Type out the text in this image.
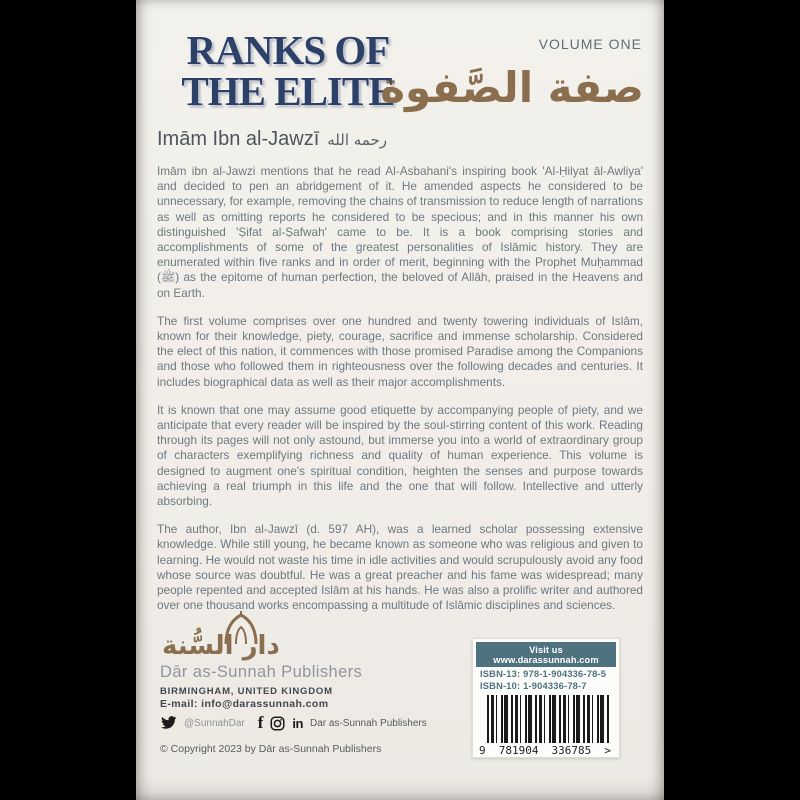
RANKS OF
THE ELITE
VOLUME ONE
صفة الصَّفوة
Imām Ibn al-Jawzī رحمه الله

Imām ibn al-Jawzi mentions that he read Al-Asbahani's inspiring book 'Al-Ḥilyat āl-Awliya' and decided to pen an abridgement of it. He amended aspects he considered to be unnecessary, for example, removing the chains of transmission to reduce length of narrations as well as omitting reports he considered to be specious; and in this manner his own distinguished 'Ṣifat al-Ṣafwah' came to be. It is a book comprising stories and accomplishments of some of the greatest personalities of Islāmic history. They are enumerated within five ranks and in order of merit, beginning with the Prophet Muḥammad (ﷺ) as the epitome of human perfection, the beloved of Allāh, praised in the Heavens and on Earth.

The first volume comprises over one hundred and twenty towering individuals of Islām, known for their knowledge, piety, courage, sacrifice and immense scholarship. Considered the elect of this nation, it commences with those promised Paradise among the Companions and those who followed them in righteousness over the following decades and centuries. It includes biographical data as well as their major accomplishments.

It is known that one may assume good etiquette by accompanying people of piety, and we anticipate that every reader will be inspired by the soul-stirring content of this work. Reading through its pages will not only astound, but immerse you into a world of extraordinary group of characters exemplifying richness and quality of human experience. This volume is designed to augment one's spiritual condition, heighten the senses and purpose towards achieving a real triumph in this life and the one that will follow. Intellective and utterly absorbing.

The author, Ibn al-Jawzī (d. 597 AH), was a learned scholar possessing extensive knowledge. While still young, he became known as someone who was religious and given to learning. He would not waste his time in idle activities and would scrupulously avoid any food whose source was doubtful. He was a great preacher and his fame was widespread; many people repented and accepted Islām at his hands. He was also a prolific writer and authored over one thousand works encompassing a multitude of Islāmic disciplines and sciences.

دار السُّنة
Dār as-Sunnah Publishers
BIRMINGHAM, UNITED KINGDOM
E-mail: info@darassunnah.com
@SunnahDar f in Dar as-Sunnah Publishers
© Copyright 2023 by Dār as-Sunnah Publishers
Visit us www.darassunnah.com
ISBN-13: 978-1-904336-78-5
ISBN-10: 1-904336-78-7
9 781904 336785 >
